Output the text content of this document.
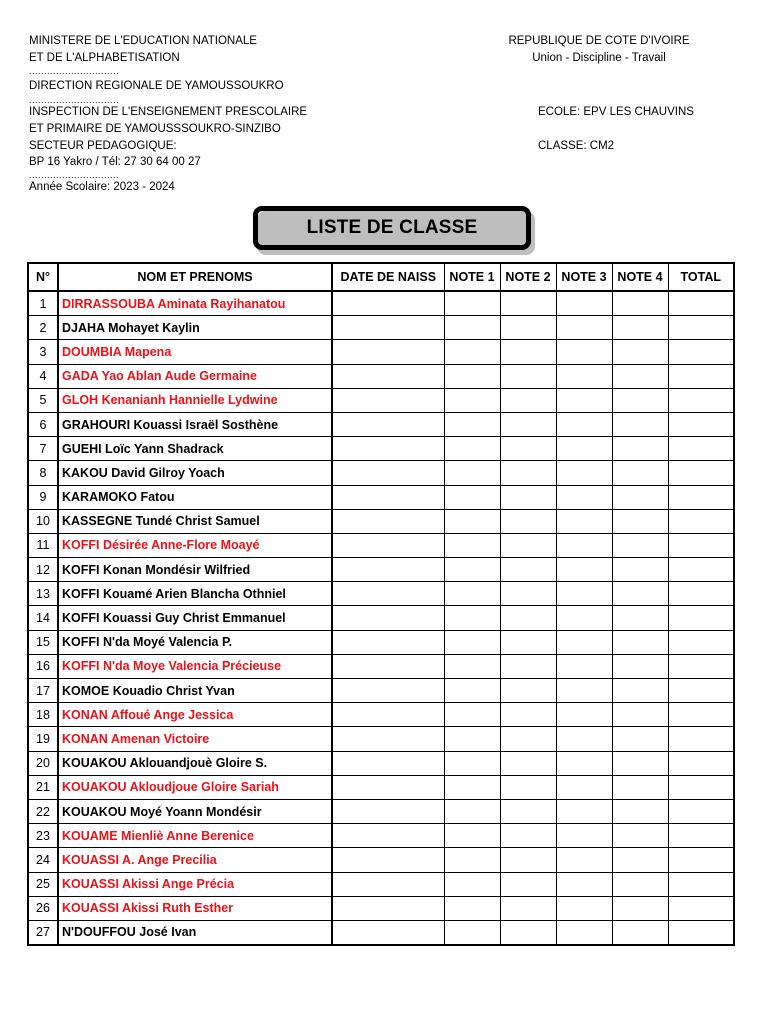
MINISTERE DE L'EDUCATION NATIONALE
ET DE L'ALPHABETISATION
..............................
DIRECTION REGIONALE DE YAMOUSSOUKRO
..............................
INSPECTION DE L'ENSEIGNEMENT PRESCOLAIRE
ET PRIMAIRE DE YAMOUSSSOUKRO-SINZIBO
SECTEUR PEDAGOGIQUE:
BP 16 Yakro / Tél: 27 30 64 00 27
..............................
Année Scolaire: 2023 - 2024
REPUBLIQUE DE COTE D'IVOIRE
Union - Discipline - Travail
ECOLE: EPV LES CHAUVINS
CLASSE: CM2
LISTE DE CLASSE
N°	NOM ET PRENOMS	DATE DE NAISS	NOTE 1	NOTE 2	NOTE 3	NOTE 4	TOTAL
1	DIRRASSOUBA Aminata Rayihanatou						
2	DJAHA Mohayet Kaylin						
3	DOUMBIA Mapena						
4	GADA Yao Ablan Aude Germaine						
5	GLOH Kenanianh Hannielle Lydwine						
6	GRAHOURI Kouassi Israël Sosthène						
7	GUEHI Loïc Yann Shadrack						
8	KAKOU David Gilroy Yoach						
9	KARAMOKO Fatou						
10	KASSEGNE Tundé Christ Samuel						
11	KOFFI Désirée Anne-Flore Moayé						
12	KOFFI Konan Mondésir Wilfried						
13	KOFFI Kouamé Arien Blancha Othniel						
14	KOFFI Kouassi Guy Christ Emmanuel						
15	KOFFI N'da Moyé Valencia P.						
16	KOFFI N'da Moye Valencia Précieuse						
17	KOMOE Kouadio Christ Yvan						
18	KONAN Affoué Ange Jessica						
19	KONAN Amenan Victoire						
20	KOUAKOU Aklouandjouè Gloire S.						
21	KOUAKOU Akloudjoue Gloire Sariah						
22	KOUAKOU Moyé Yoann Mondésir						
23	KOUAME Mienliè Anne Berenice						
24	KOUASSI A. Ange Precilia						
25	KOUASSI Akissi Ange Précia						
26	KOUASSI Akissi Ruth Esther						
27	N'DOUFFOU José Ivan						
